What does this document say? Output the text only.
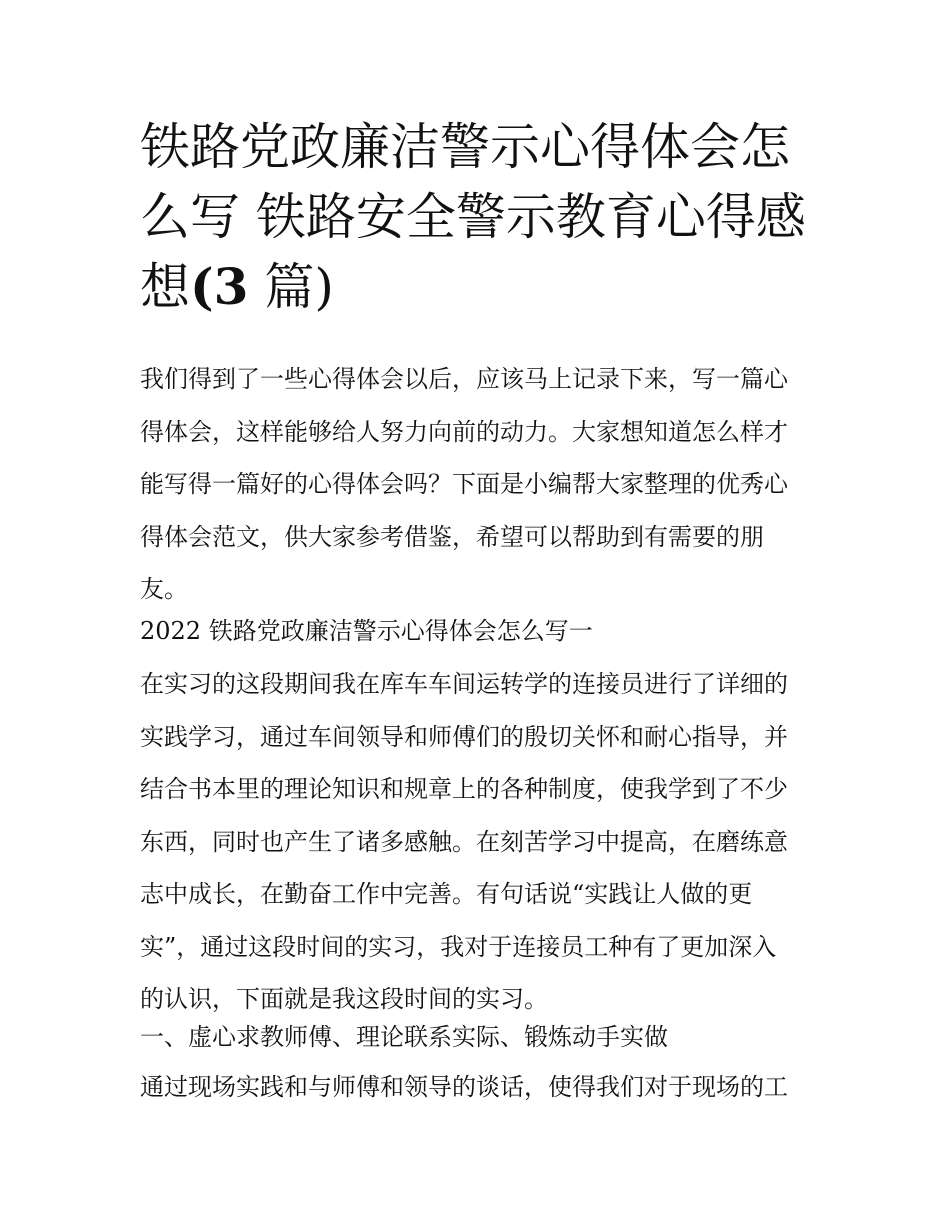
铁路党政廉洁警示心得体会怎
么写 铁路安全警示教育心得感
想(3 篇)
我们得到了一些心得体会以后，应该马上记录下来，写一篇心
得体会，这样能够给人努力向前的动力。大家想知道怎么样才
能写得一篇好的心得体会吗？下面是小编帮大家整理的优秀心
得体会范文，供大家参考借鉴，希望可以帮助到有需要的朋
友。
2022 铁路党政廉洁警示心得体会怎么写一
在实习的这段期间我在库车车间运转学的连接员进行了详细的
实践学习，通过车间领导和师傅们的殷切关怀和耐心指导，并
结合书本里的理论知识和规章上的各种制度，使我学到了不少
东西，同时也产生了诸多感触。在刻苦学习中提高，在磨练意
志中成长，在勤奋工作中完善。有句话说“实践让人做的更
实”，通过这段时间的实习，我对于连接员工种有了更加深入
的认识，下面就是我这段时间的实习。
一、虚心求教师傅、理论联系实际、锻炼动手实做
通过现场实践和与师傅和领导的谈话，使得我们对于现场的工
